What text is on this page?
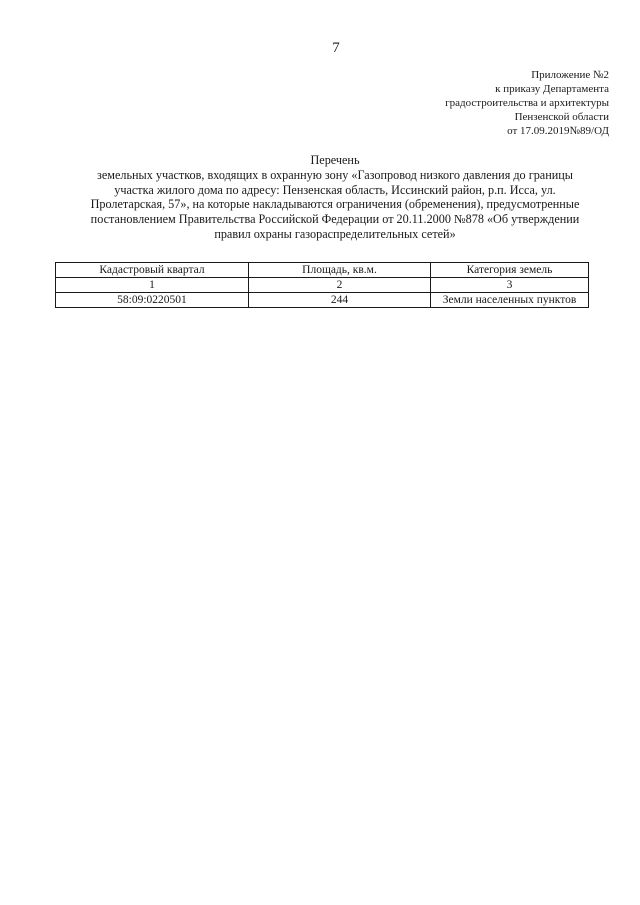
7
Приложение №2
к приказу Департамента
градостроительства и архитектуры
Пензенской области
от 17.09.2019№89/ОД
Перечень
земельных участков, входящих в охранную зону «Газопровод низкого давления до границы
участка жилого дома по адресу: Пензенская область, Иссинский район, р.п. Исса, ул.
Пролетарская, 57», на которые накладываются ограничения (обременения), предусмотренные
постановлением Правительства Российской Федерации от 20.11.2000 №878 «Об утверждении
правил охраны газораспределительных сетей»
Кадастровый квартал	Площадь, кв.м.	Категория земель
1	2	3
58:09:0220501	244	Земли населенных пунктов
